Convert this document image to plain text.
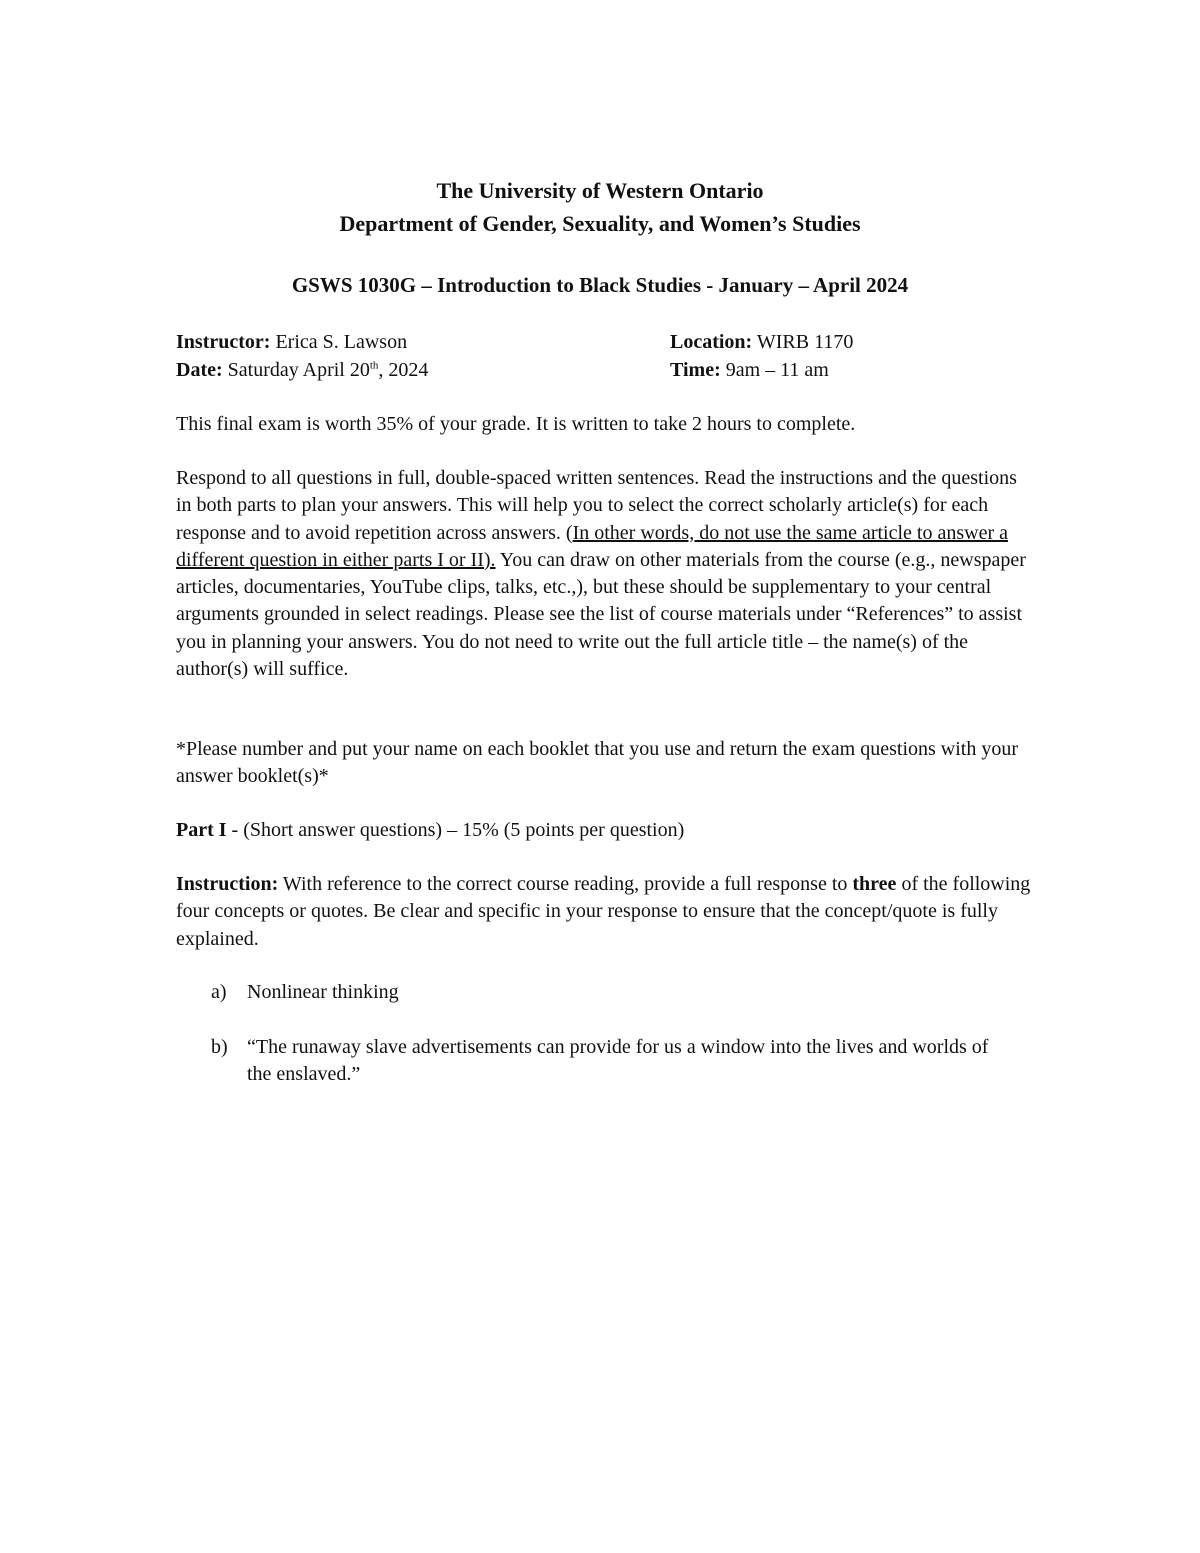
The University of Western Ontario
Department of Gender, Sexuality, and Women’s Studies
GSWS 1030G – Introduction to Black Studies - January – April 2024
Instructor: Erica S. Lawson	Location: WIRB 1170
Date: Saturday April 20th, 2024	Time: 9am – 11 am
This final exam is worth 35% of your grade. It is written to take 2 hours to complete.
Respond to all questions in full, double-spaced written sentences. Read the instructions and the questions in both parts to plan your answers. This will help you to select the correct scholarly article(s) for each response and to avoid repetition across answers. (In other words, do not use the same article to answer a different question in either parts I or II). You can draw on other materials from the course (e.g., newspaper articles, documentaries, YouTube clips, talks, etc.,), but these should be supplementary to your central arguments grounded in select readings. Please see the list of course materials under “References” to assist you in planning your answers. You do not need to write out the full article title – the name(s) of the author(s) will suffice.
*Please number and put your name on each booklet that you use and return the exam questions with your answer booklet(s)*
Part I - (Short answer questions) – 15% (5 points per question)
Instruction: With reference to the correct course reading, provide a full response to three of the following four concepts or quotes. Be clear and specific in your response to ensure that the concept/quote is fully explained.
a) Nonlinear thinking
b) “The runaway slave advertisements can provide for us a window into the lives and worlds of the enslaved.”
